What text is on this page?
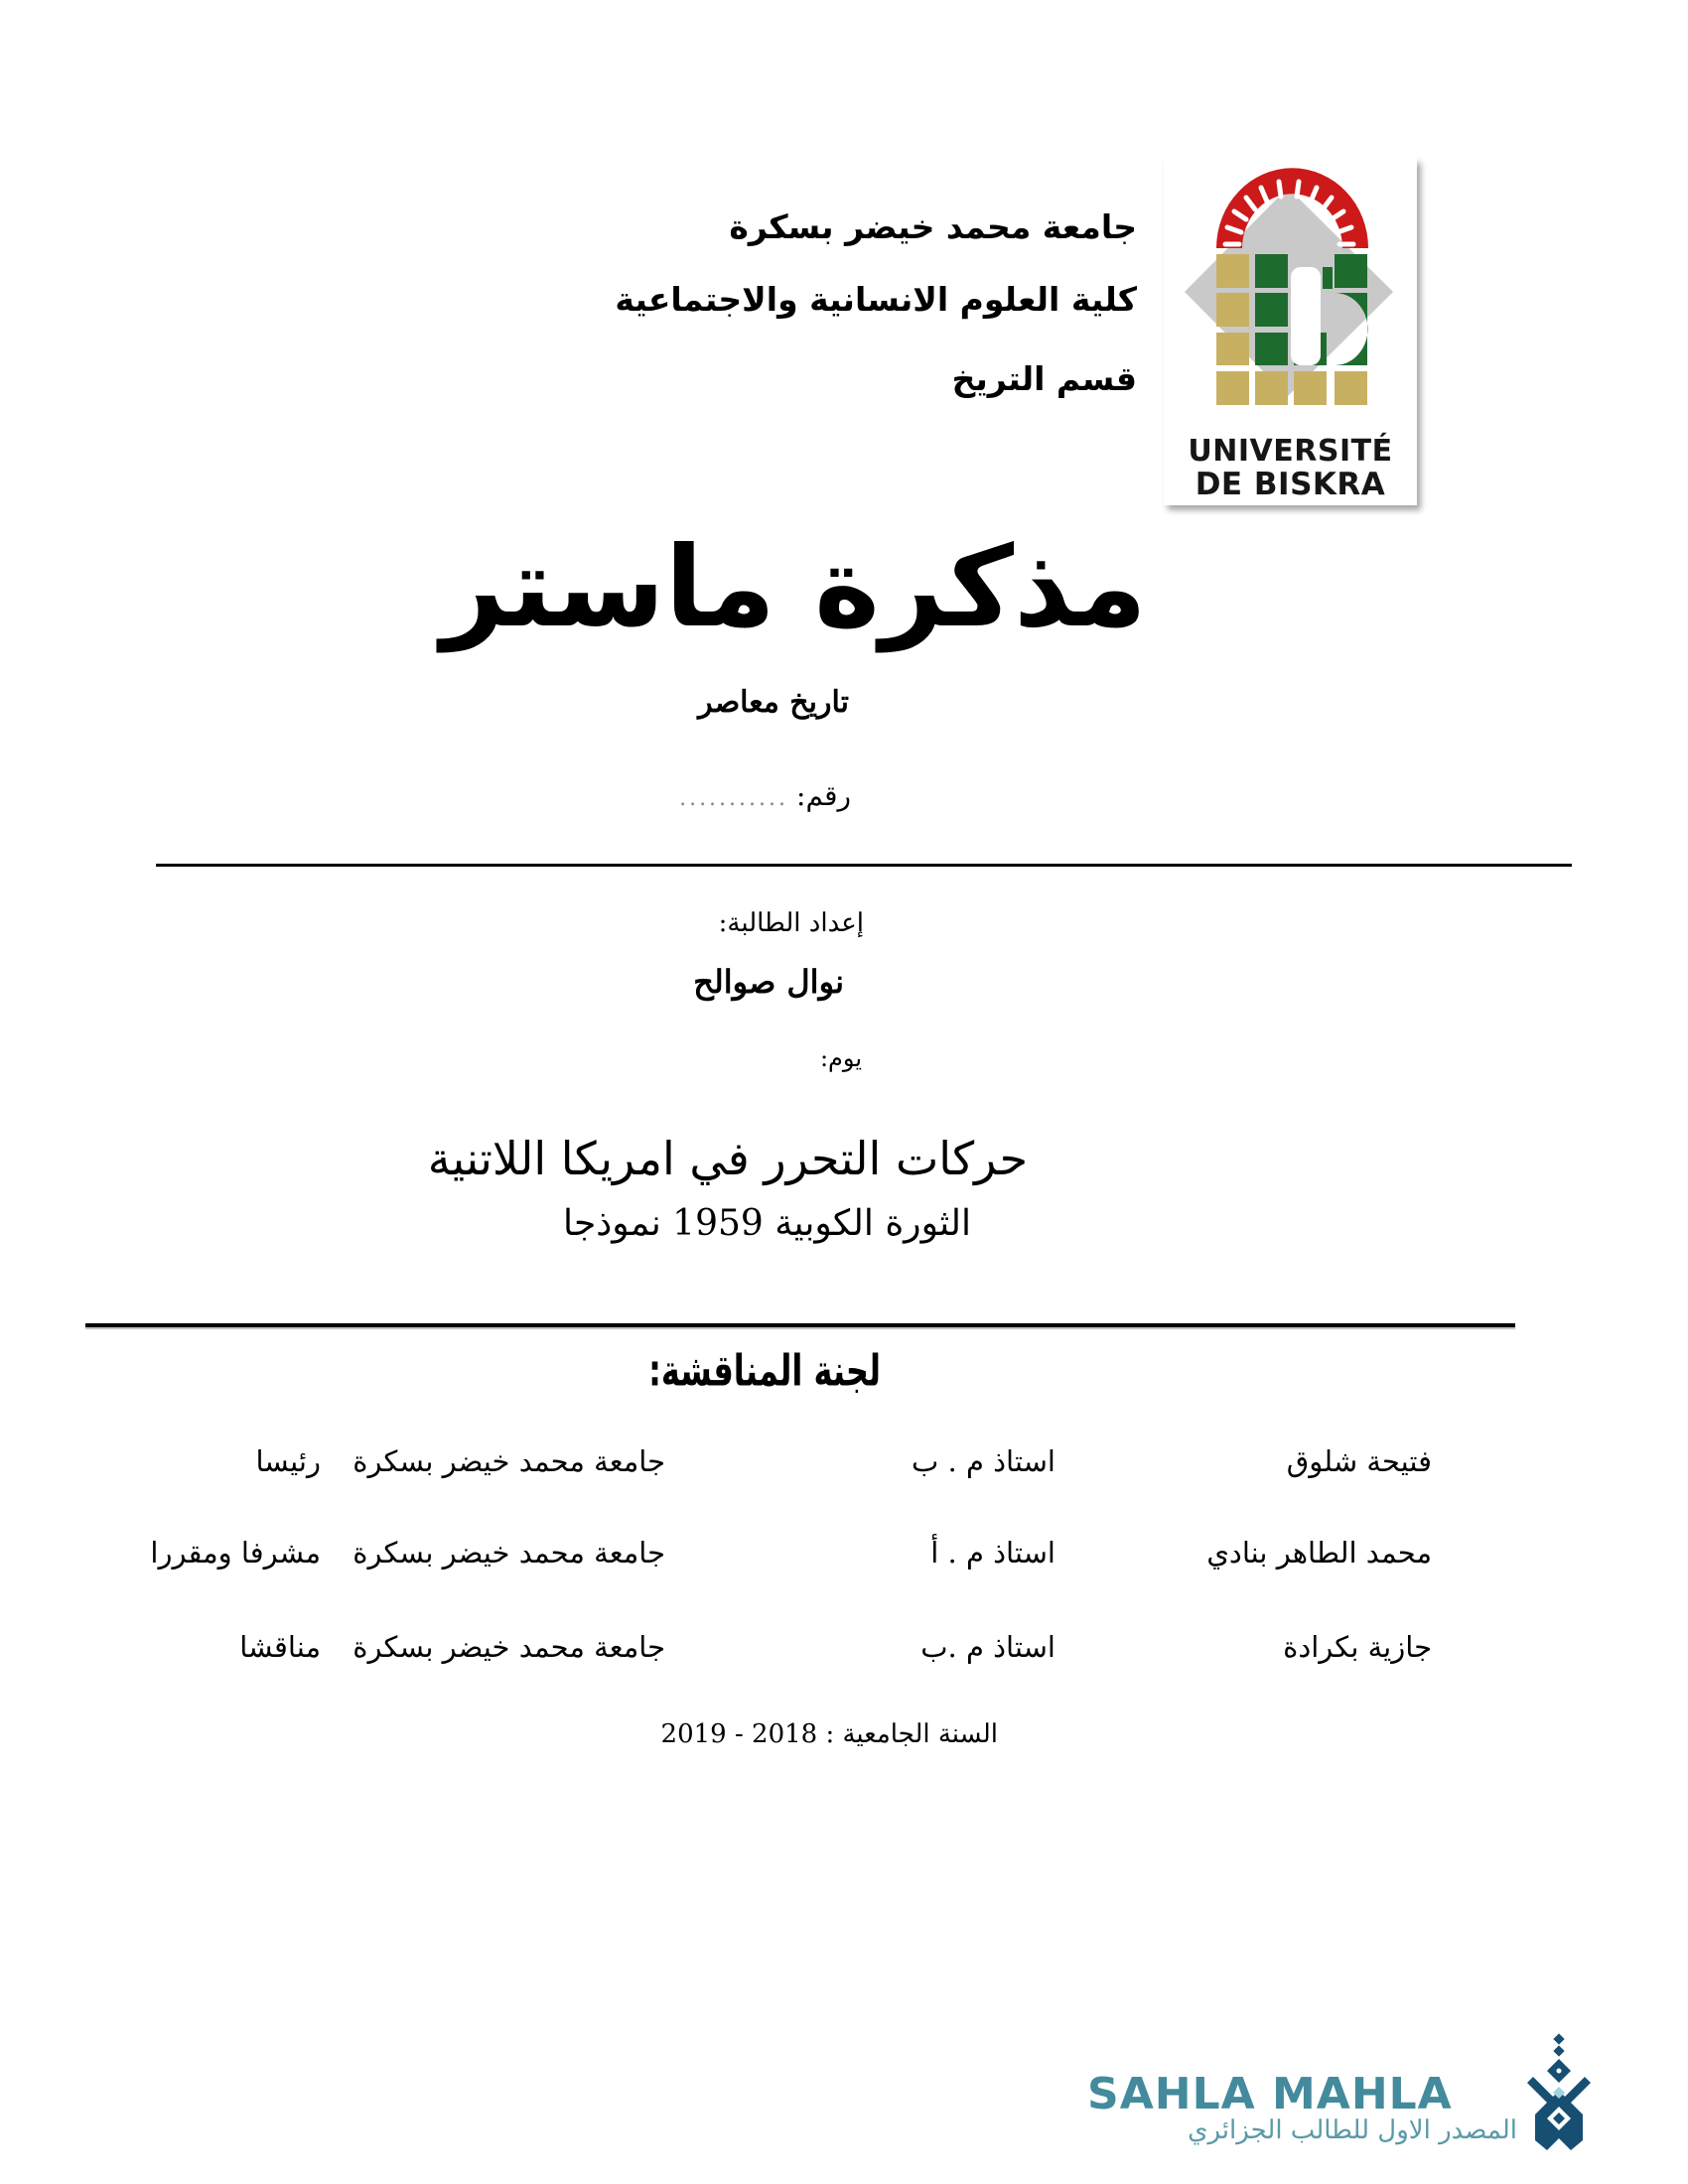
جامعة محمد خيضر بسكرة
كلية العلوم الانسانية والاجتماعية
قسم التريخ
UNIVERSITÉ
DE BISKRA
مذكرة ماستر
تاريخ معاصر
رقم:
...........
إعداد الطالبة:
نوال صوالح
يوم:
حركات التحرر في امريكا اللاتنية
الثورة الكوبية 1959 نموذجا
لجنة المناقشة:
فتيحة شلوق
استاذ م . ب
جامعة محمد خيضر بسكرة
رئيسا
محمد الطاهر بنادي
استاذ م . أ
جامعة محمد خيضر بسكرة
مشرفا ومقررا
جازية بكرادة
استاذ م .ب
جامعة محمد خيضر بسكرة
مناقشا
السنة الجامعية : 2018 - 2019
SAHLA MAHLA
المصدر الاول للطالب الجزائري
